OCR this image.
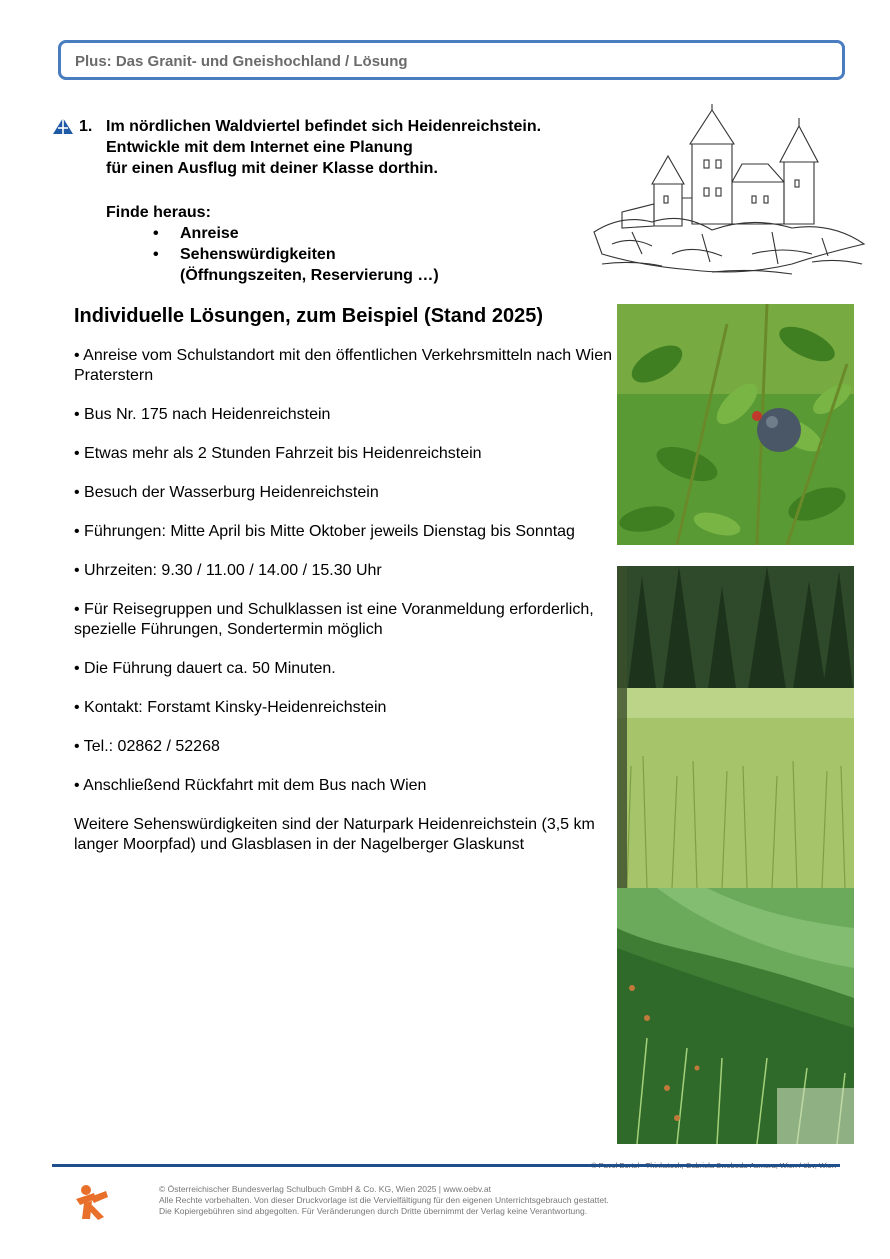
Plus: Das Granit- und Gneishochland / Lösung
1. Im nördlichen Waldviertel befindet sich Heidenreichstein.
Entwickle mit dem Internet eine Planung
für einen Ausflug mit deiner Klasse dorthin.
Finde heraus:
• Anreise
• Sehenswürdigkeiten
(Öffnungszeiten, Reservierung …)
Individuelle Lösungen, zum Beispiel (Stand 2025)
• Anreise vom Schulstandort mit den öffentlichen Verkehrsmitteln nach Wien Praterstern
• Bus Nr. 175 nach Heidenreichstein
• Etwas mehr als 2 Stunden Fahrzeit bis Heidenreichstein
• Besuch der Wasserburg Heidenreichstein
• Führungen: Mitte April bis Mitte Oktober jeweils Dienstag bis Sonntag
• Uhrzeiten: 9.30 / 11.00 / 14.00 / 15.30 Uhr
• Für Reisegruppen und Schulklassen ist eine Voranmeldung erforderlich, spezielle Führungen, Sondertermin möglich
• Die Führung dauert ca. 50 Minuten.
• Kontakt: Forstamt Kinsky-Heidenreichstein
• Tel.: 02862 / 52268
• Anschließend Rückfahrt mit dem Bus nach Wien
Weitere Sehenswürdigkeiten sind der Naturpark Heidenreichstein (3,5 km langer Moorpfad) und Glasblasen in der Nagelberger Glaskunst
© Österreichischer Bundesverlag Schulbuch GmbH & Co. KG, Wien 2025 | www.oebv.at
Alle Rechte vorbehalten. Von dieser Druckvorlage ist die Vervielfältigung für den eigenen Unterrichtsgebrauch gestattet.
Die Kopiergebühren sind abgegolten. Für Veränderungen durch Dritte übernimmt der Verlag keine Verantwortung.
